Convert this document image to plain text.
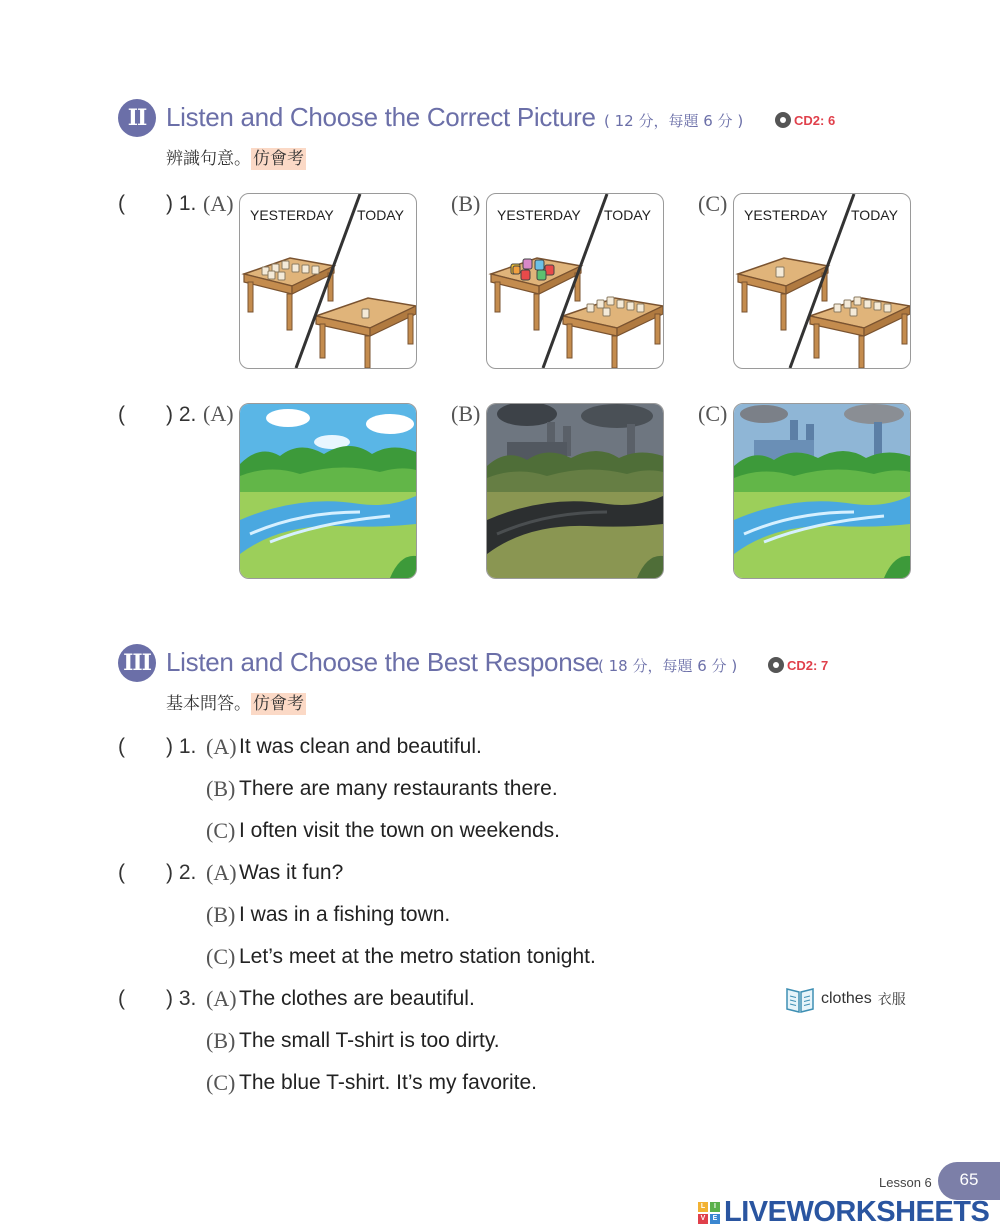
II Listen and Choose the Correct Picture ( 12 分，每題 6 分 )	CD2: 6
辨識句意。 仿會考
( ) 1. (A) YESTERDAY TODAY (B) YESTERDAY TODAY (C) YESTERDAY TODAY
( ) 2. (A)	(B)	(C)
III Listen and Choose the Best Response
( 18 分，每題 6 分 )	CD2: 7
基本問答。 仿會考
( ) 1. (A) It was clean and beautiful.
(B) There are many restaurants there.
(C) I often visit the town on weekends.
( ) 2. (A) Was it fun?
(B) I was in a fishing town.
(C) Let’s meet at the metro station tonight.
( ) 3. (A) The clothes are beautiful.
(B) The small T-shirt is too dirty.
(C) The blue T-shirt. It’s my favorite.
clothes 衣服
Lesson 6	65
L	I
V	E LIVEWORKSHEETS
